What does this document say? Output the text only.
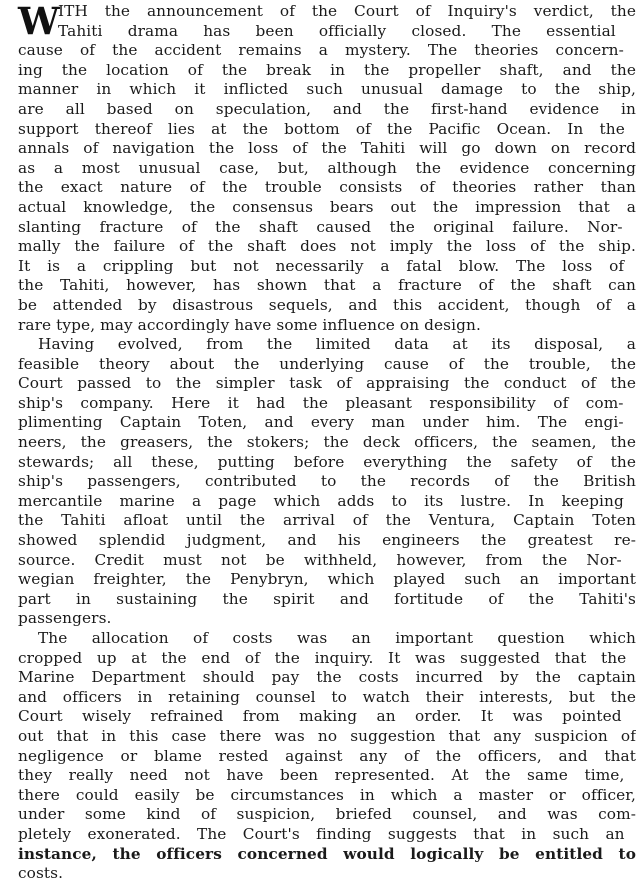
W
ITH the announcement of the Court of Inquiry's verdict, the
Tahiti drama has been officially closed. The essential
cause of the accident remains a mystery. The theories concern-
ing the location of the break in the propeller shaft, and the
manner in which it inflicted such unusual damage to the ship,
are all based on speculation, and the first-hand evidence in
support thereof lies at the bottom of the Pacific Ocean. In the
annals of navigation the loss of the Tahiti will go down on record
as a most unusual case, but, although the evidence concerning
the exact nature of the trouble consists of theories rather than
actual knowledge, the consensus bears out the impression that a
slanting fracture of the shaft caused the original failure. Nor-
mally the failure of the shaft does not imply the loss of the ship.
It is a crippling but not necessarily a fatal blow. The loss of
the Tahiti, however, has shown that a fracture of the shaft can
be attended by disastrous sequels, and this accident, though of a
rare type, may accordingly have some influence on design.
Having evolved, from the limited data at its disposal, a
feasible theory about the underlying cause of the trouble, the
Court passed to the simpler task of appraising the conduct of the
ship's company. Here it had the pleasant responsibility of com-
plimenting Captain Toten, and every man under him. The engi-
neers, the greasers, the stokers; the deck officers, the seamen, the
stewards; all these, putting before everything the safety of the
ship's passengers, contributed to the records of the British
mercantile marine a page which adds to its lustre. In keeping
the Tahiti afloat until the arrival of the Ventura, Captain Toten
showed splendid judgment, and his engineers the greatest re-
source. Credit must not be withheld, however, from the Nor-
wegian freighter, the Penybryn, which played such an important
part in sustaining the spirit and fortitude of the Tahiti's
passengers.
The allocation of costs was an important question which
cropped up at the end of the inquiry. It was suggested that the
Marine Department should pay the costs incurred by the captain
and officers in retaining counsel to watch their interests, but the
Court wisely refrained from making an order. It was pointed
out that in this case there was no suggestion that any suspicion of
negligence or blame rested against any of the officers, and that
they really need not have been represented. At the same time,
there could easily be circumstances in which a master or officer,
under some kind of suspicion, briefed counsel, and was com-
pletely exonerated. The Court's finding suggests that in such an
instance, the officers concerned would logically be entitled to
costs.
